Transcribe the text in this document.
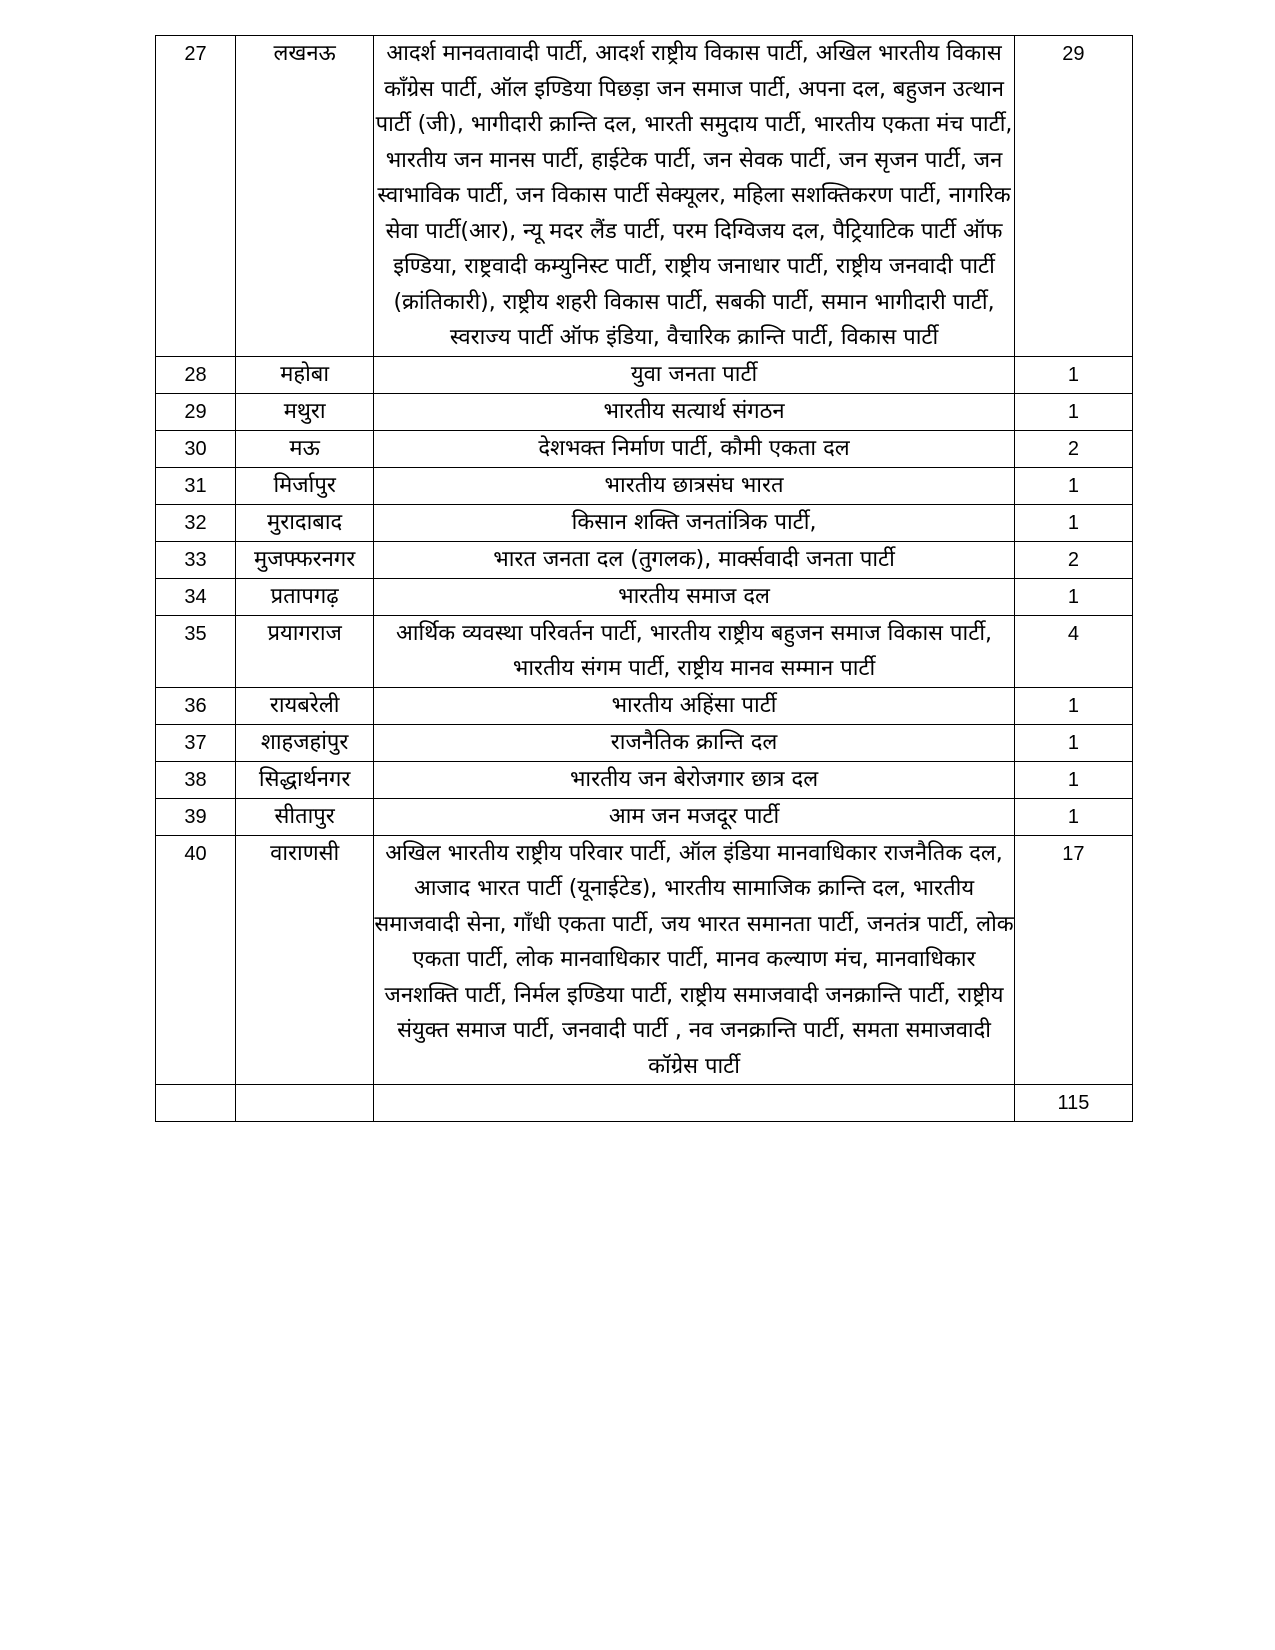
27	लखनऊ	आदर्श मानवतावादी पार्टी, आदर्श राष्ट्रीय विकास पार्टी, अखिल भारतीय विकास कॉंग्रेस पार्टी, ऑल इण्डिया पिछड़ा जन समाज पार्टी, अपना दल, बहुजन उत्थान पार्टी (जी), भागीदारी क्रान्ति दल, भारती समुदाय पार्टी, भारतीय एकता मंच पार्टी, भारतीय जन मानस पार्टी, हाईटेक पार्टी, जन सेवक पार्टी, जन सृजन पार्टी, जन स्वाभाविक पार्टी, जन विकास पार्टी सेक्यूलर, महिला सशक्तिकरण पार्टी, नागरिक सेवा पार्टी(आर), न्यू मदर लैंड पार्टी, परम दिग्विजय दल, पैट्रियाटिक पार्टी ऑफ इण्डिया, राष्ट्रवादी कम्युनिस्ट पार्टी, राष्ट्रीय जनाधार पार्टी, राष्ट्रीय जनवादी पार्टी (क्रांतिकारी), राष्ट्रीय शहरी विकास पार्टी, सबकी पार्टी, समान भागीदारी पार्टी, स्वराज्य पार्टी ऑफ इंडिया, वैचारिक क्रान्ति पार्टी, विकास पार्टी	29
28	महोबा	युवा जनता पार्टी	1
29	मथुरा	भारतीय सत्यार्थ संगठन	1
30	मऊ	देशभक्त निर्माण पार्टी, कौमी एकता दल	2
31	मिर्जापुर	भारतीय छात्रसंघ भारत	1
32	मुरादाबाद	किसान शक्ति जनतांत्रिक पार्टी,	1
33	मुजफ्फरनगर	भारत जनता दल (तुगलक), मार्क्सवादी जनता पार्टी	2
34	प्रतापगढ़	भारतीय समाज दल	1
35	प्रयागराज	आर्थिक व्यवस्था परिवर्तन पार्टी, भारतीय राष्ट्रीय बहुजन समाज विकास पार्टी, भारतीय संगम पार्टी, राष्ट्रीय मानव सम्मान पार्टी	4
36	रायबरेली	भारतीय अहिंसा पार्टी	1
37	शाहजहांपुर	राजनैतिक क्रान्ति दल	1
38	सिद्धार्थनगर	भारतीय जन बेरोजगार छात्र दल	1
39	सीतापुर	आम जन मजदूर पार्टी	1
40	वाराणसी	अखिल भारतीय राष्ट्रीय परिवार पार्टी, ऑल इंडिया मानवाधिकार राजनैतिक दल, आजाद भारत पार्टी (यूनाईटेड), भारतीय सामाजिक क्रान्ति दल, भारतीय समाजवादी सेना, गाँधी एकता पार्टी, जय भारत समानता पार्टी, जनतंत्र पार्टी, लोक एकता पार्टी, लोक मानवाधिकार पार्टी, मानव कल्याण मंच, मानवाधिकार जनशक्ति पार्टी, निर्मल इण्डिया पार्टी, राष्ट्रीय समाजवादी जनक्रान्ति पार्टी, राष्ट्रीय संयुक्त समाज पार्टी, जनवादी पार्टी , नव जनक्रान्ति पार्टी, समता समाजवादी कॉग्रेस पार्टी	17
			115
